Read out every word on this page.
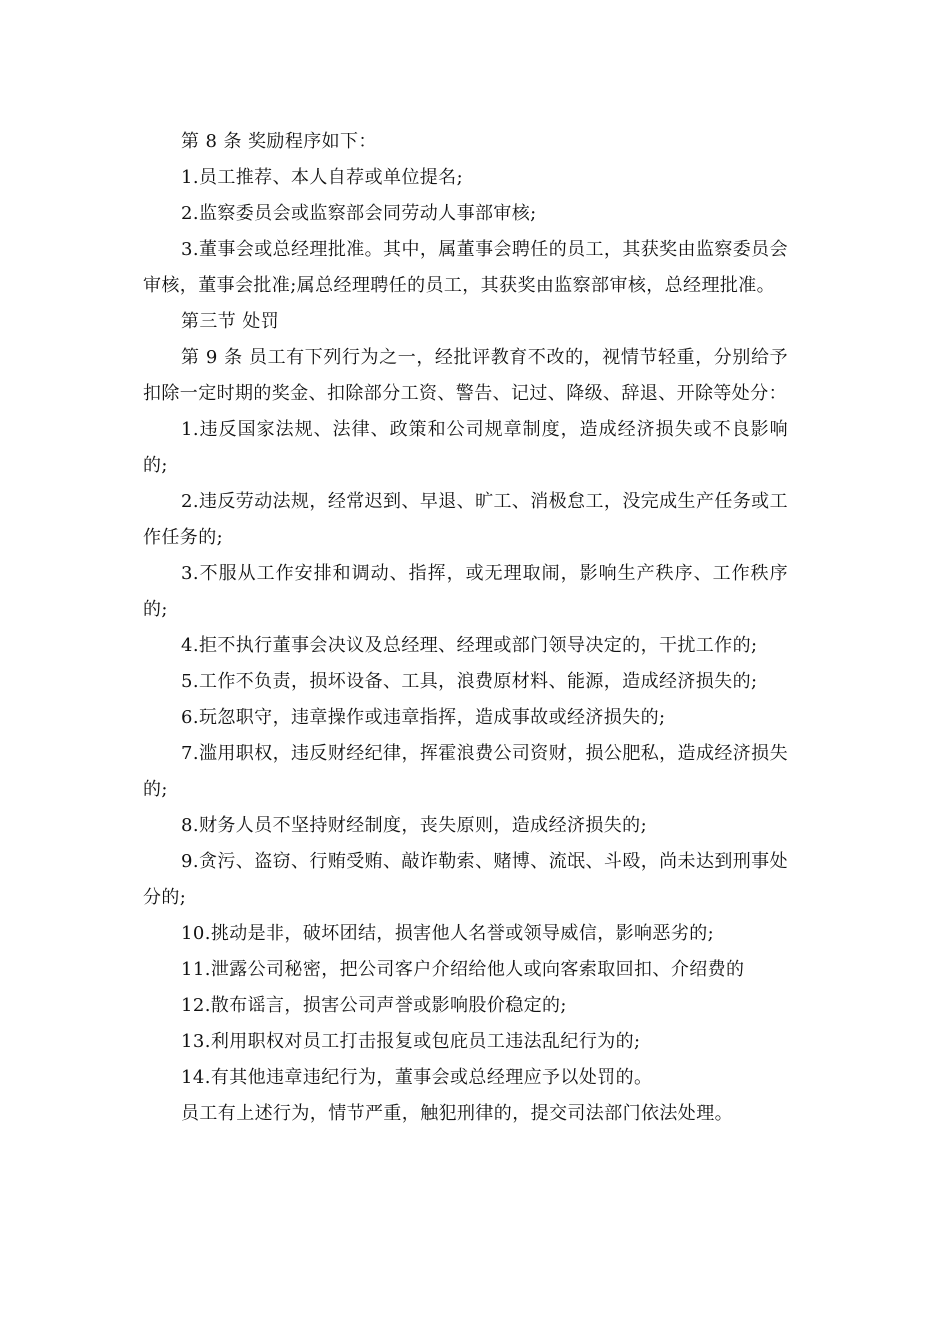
第 8 条 奖励程序如下：

1.员工推荐、本人自荐或单位提名;

2.监察委员会或监察部会同劳动人事部审核;

3.董事会或总经理批准。其中，属董事会聘任的员工，其获奖由监察委员会审核，董事会批准;属总经理聘任的员工，其获奖由监察部审核，总经理批准。

第三节 处罚

第 9 条 员工有下列行为之一，经批评教育不改的，视情节轻重，分别给予扣除一定时期的奖金、扣除部分工资、警告、记过、降级、辞退、开除等处分：

1.违反国家法规、法律、政策和公司规章制度，造成经济损失或不良影响的;

2.违反劳动法规，经常迟到、早退、旷工、消极怠工，没完成生产任务或工作任务的;

3.不服从工作安排和调动、指挥，或无理取闹，影响生产秩序、工作秩序的;

4.拒不执行董事会决议及总经理、经理或部门领导决定的，干扰工作的;

5.工作不负责，损坏设备、工具，浪费原材料、能源，造成经济损失的;

6.玩忽职守，违章操作或违章指挥，造成事故或经济损失的;

7.滥用职权，违反财经纪律，挥霍浪费公司资财，损公肥私，造成经济损失的;

8.财务人员不坚持财经制度，丧失原则，造成经济损失的;

9.贪污、盗窃、行贿受贿、敲诈勒索、赌博、流氓、斗殴，尚未达到刑事处分的;

10.挑动是非，破坏团结，损害他人名誉或领导威信，影响恶劣的;

11.泄露公司秘密，把公司客户介绍给他人或向客索取回扣、介绍费的

12.散布谣言，损害公司声誉或影响股价稳定的;

13.利用职权对员工打击报复或包庇员工违法乱纪行为的;

14.有其他违章违纪行为，董事会或总经理应予以处罚的。

员工有上述行为，情节严重，触犯刑律的，提交司法部门依法处理。
